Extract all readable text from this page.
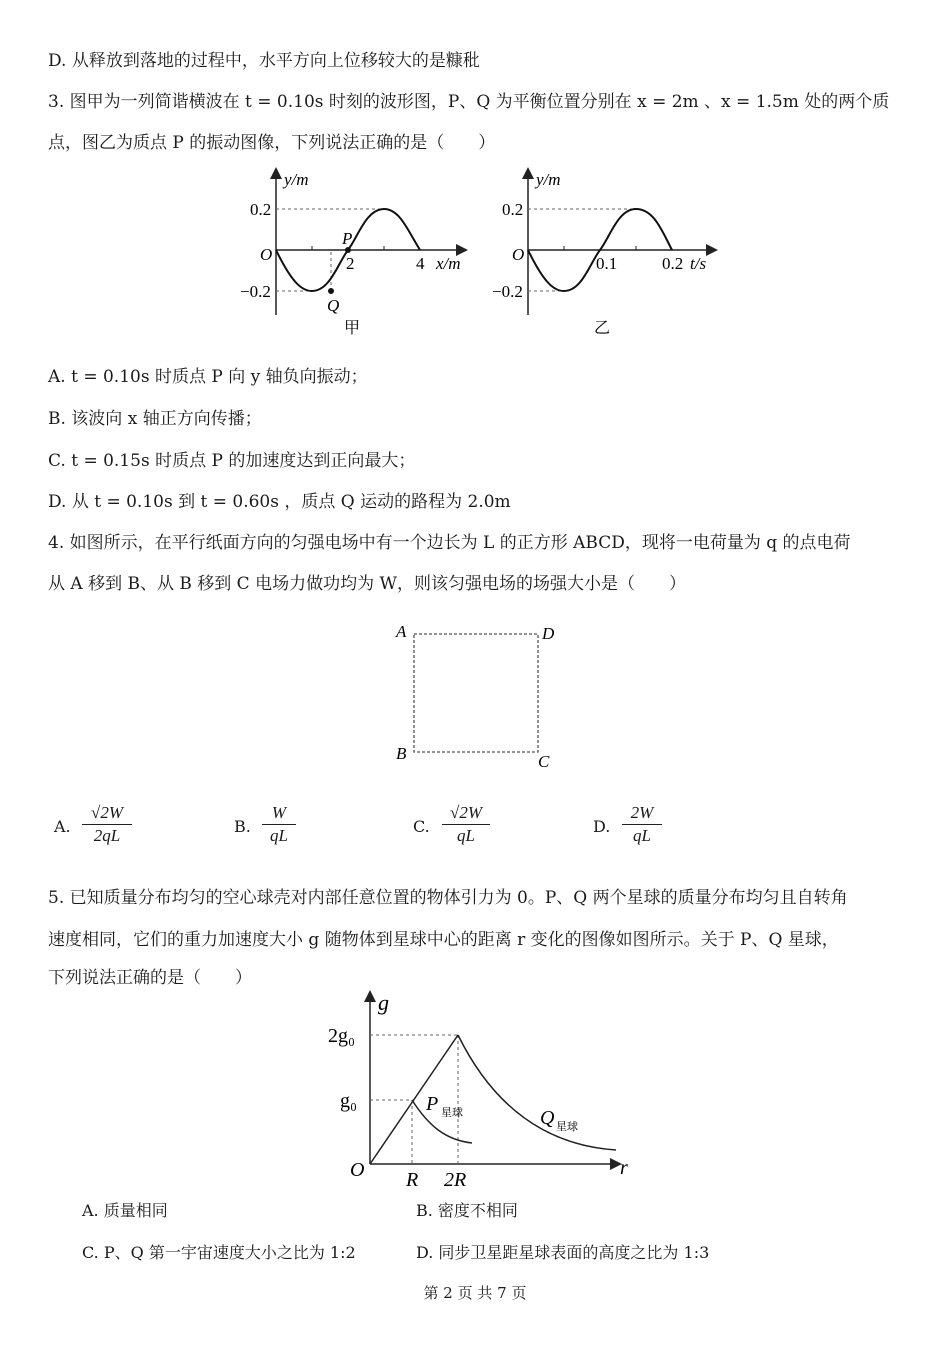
D. 从释放到落地的过程中，水平方向上位移较大的是糠秕
3. 图甲为一列简谐横波在 t = 0.10s 时刻的波形图，P、Q 为平衡位置分别在 x = 2m 、x = 1.5m 处的两个质
点，图乙为质点 P 的振动图像，下列说法正确的是（　　）
y/m
0.2
−0.2
O
P
Q
2	4 x/m
甲
y/m
0.2
−0.2
O	0.1	0.2 t/s
乙
A. t = 0.10s 时质点 P 向 y 轴负向振动；
B. 该波向 x 轴正方向传播；
C. t = 0.15s 时质点 P 的加速度达到正向最大；
D. 从 t = 0.10s 到 t = 0.60s ，质点 Q 运动的路程为 2.0m
4. 如图所示，在平行纸面方向的匀强电场中有一个边长为 L 的正方形 ABCD，现将一电荷量为 q 的点电荷
从 A 移到 B、从 B 移到 C 电场力做功均为 W，则该匀强电场的场强大小是（　　）
A	D
B	C
A. $\frac{√2W}{2qL}$	B. $\frac{W}{qL}$	C. $\frac{√2W}{qL}$	D. $\frac{2W}{qL}$
5. 已知质量分布均匀的空心球壳对内部任意位置的物体引力为 0。P、Q 两个星球的质量分布均匀且自转角
速度相同，它们的重力加速度大小 g 随物体到星球中心的距离 r 变化的图像如图所示。关于 P、Q 星球，
下列说法正确的是（　　）
g
2g₀
g₀
O R 2R
r
P 星球	Q 星球
A. 质量相同	B. 密度不相同
C. P、Q 第一宇宙速度大小之比为 1:2	D. 同步卫星距星球表面的高度之比为 1:3
第 2 页 共 7 页
